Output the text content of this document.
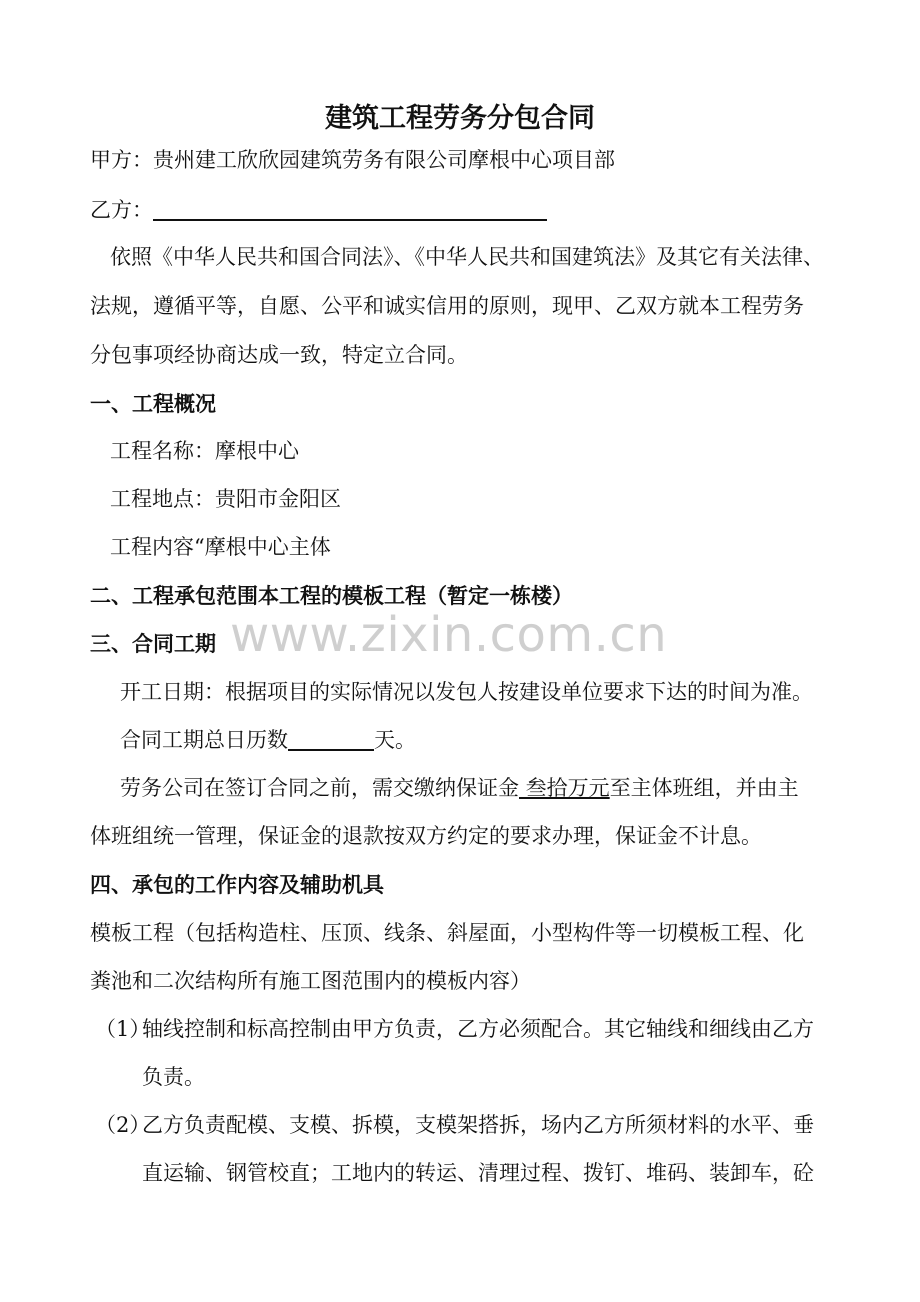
建筑工程劳务分包合同
甲方：贵州建工欣欣园建筑劳务有限公司摩根中心项目部
乙方：
依照《中华人民共和国合同法》、《中华人民共和国建筑法》及其它有关法律、
法规，遵循平等，自愿、公平和诚实信用的原则，现甲、乙双方就本工程劳务
分包事项经协商达成一致，特定立合同。
一、工程概况
工程名称：摩根中心
工程地点：贵阳市金阳区
工程内容“摩根中心主体
二、工程承包范围本工程的模板工程（暂定一栋楼）
三、合同工期
开工日期：根据项目的实际情况以发包人按建设单位要求下达的时间为准。
合同工期总日历数	天。
劳务公司在签订合同之前，需交缴纳保证金 叁拾万元至主体班组，并由主
体班组统一管理，保证金的退款按双方约定的要求办理，保证金不计息。
四、承包的工作内容及辅助机具
模板工程（包括构造柱、压顶、线条、斜屋面，小型构件等一切模板工程、化
粪池和二次结构所有施工图范围内的模板内容）
（1）
轴线控制和标高控制由甲方负责，乙方必须配合。其它轴线和细线由乙方
负责。
（2）
乙方负责配模、支模、拆模，支模架搭拆，场内乙方所须材料的水平、垂
直运输、钢管校直；工地内的转运、清理过程、拨钉、堆码、装卸车，砼
www.zixin.com.cn
